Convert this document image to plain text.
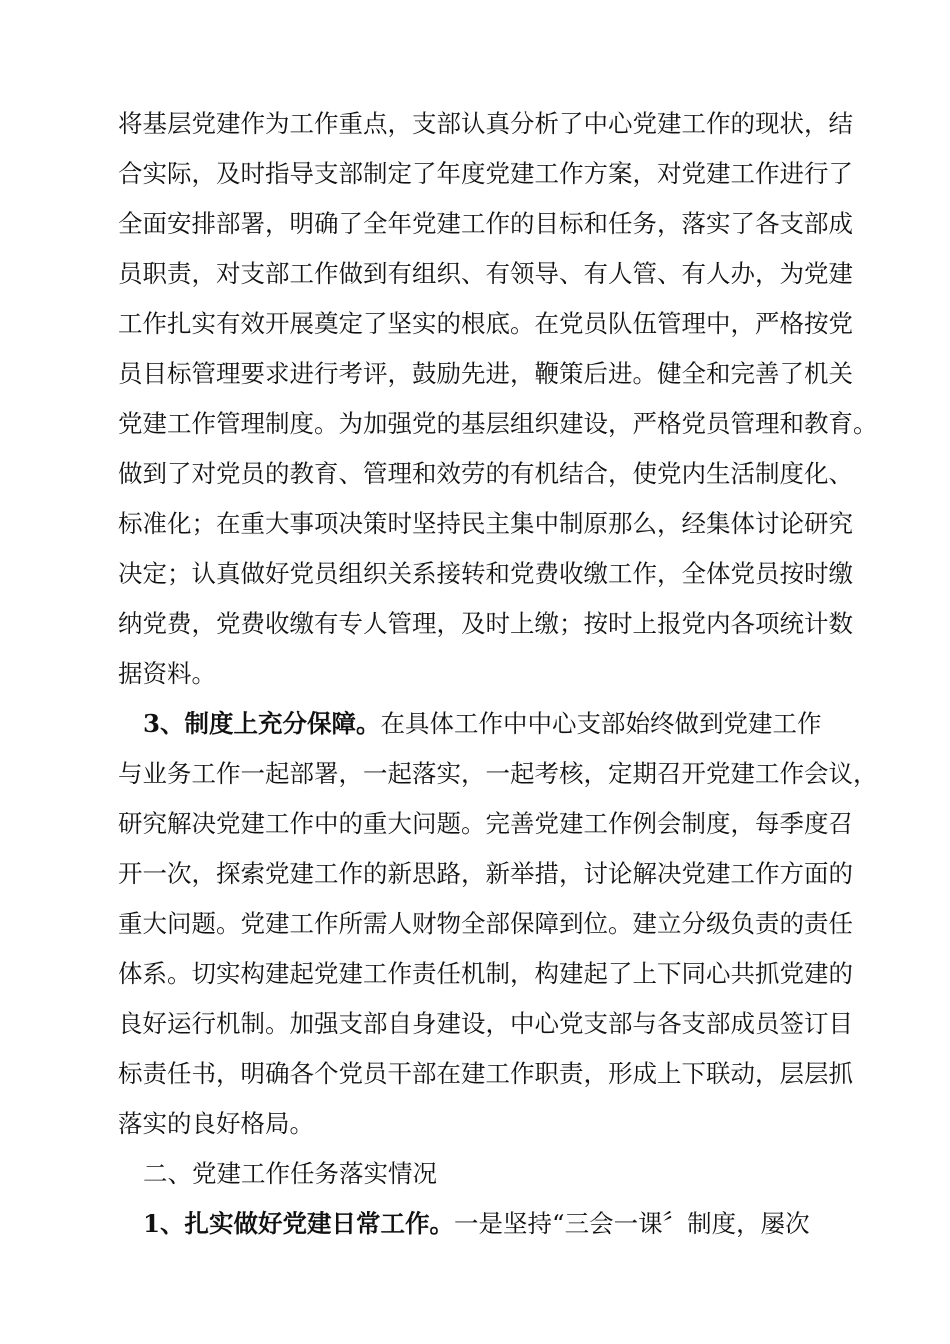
将基层党建作为工作重点，支部认真分析了中心党建工作的现状，结
合实际，及时指导支部制定了年度党建工作方案，对党建工作进行了
全面安排部署，明确了全年党建工作的目标和任务，落实了各支部成
员职责，对支部工作做到有组织、有领导、有人管、有人办，为党建
工作扎实有效开展奠定了坚实的根底。在党员队伍管理中，严格按党
员目标管理要求进行考评，鼓励先进，鞭策后进。健全和完善了机关
党建工作管理制度。为加强党的基层组织建设，严格党员管理和教育。
做到了对党员的教育、管理和效劳的有机结合，使党内生活制度化、
标准化；在重大事项决策时坚持民主集中制原那么，经集体讨论研究
决定；认真做好党员组织关系接转和党费收缴工作，全体党员按时缴
纳党费，党费收缴有专人管理，及时上缴；按时上报党内各项统计数
据资料。
3、制度上充分保障。在具体工作中中心支部始终做到党建工作
与业务工作一起部署，一起落实，一起考核，定期召开党建工作会议，
研究解决党建工作中的重大问题。完善党建工作例会制度，每季度召
开一次，探索党建工作的新思路，新举措，讨论解决党建工作方面的
重大问题。党建工作所需人财物全部保障到位。建立分级负责的责任
体系。切实构建起党建工作责任机制，构建起了上下同心共抓党建的
良好运行机制。加强支部自身建设，中心党支部与各支部成员签订目
标责任书，明确各个党员干部在建工作职责，形成上下联动，层层抓
落实的良好格局。
二、党建工作任务落实情况
1、扎实做好党建日常工作。一是坚持“三会一课〞制度，屡次
